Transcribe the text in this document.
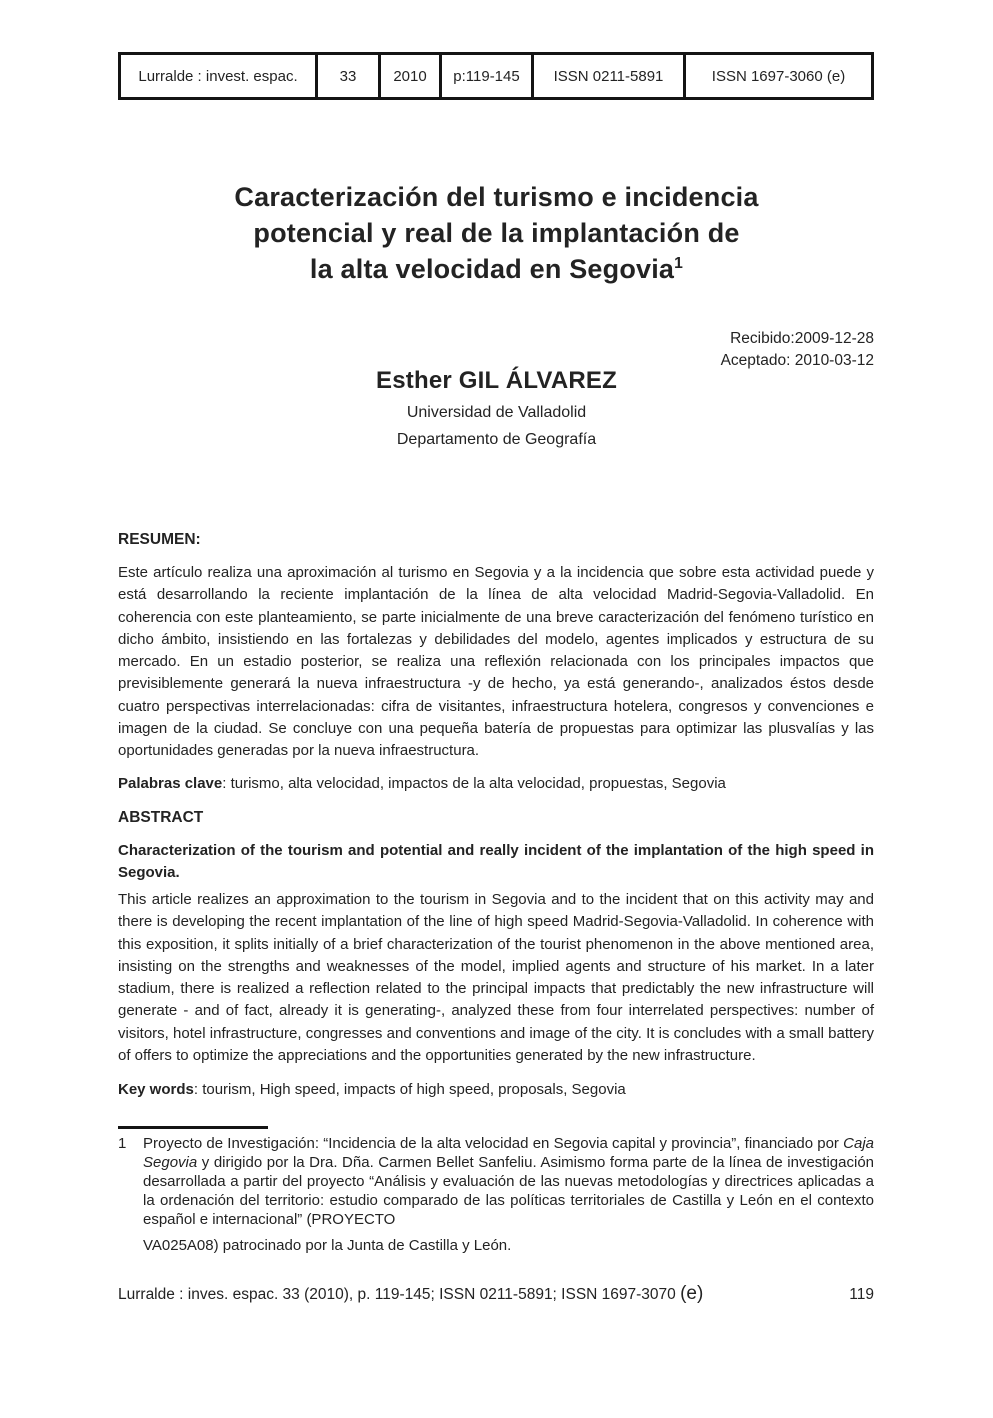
Lurralde : invest. espac.	33	2010	p:119-145	ISSN 0211-5891	ISSN 1697-3060 (e)
Caracterización del turismo e incidencia
potencial y real de la implantación de
la alta velocidad en Segovia$^1$
Recibido:2009-12-28
Aceptado: 2010-03-12
Esther GIL ÁLVAREZ
Universidad de Valladolid
Departamento de Geografía
RESUMEN:
Este artículo realiza una aproximación al turismo en Segovia y a la incidencia que sobre esta actividad puede y está desarrollando la reciente implantación de la línea de alta velocidad Madrid-Segovia-Valladolid. En coherencia con este planteamiento, se parte inicialmente de una breve caracterización del fenómeno turístico en dicho ámbito, insistiendo en las fortalezas y debilidades del modelo, agentes implicados y estructura de su mercado. En un estadio posterior, se realiza una reflexión relacionada con los principales impactos que previsiblemente generará la nueva infraestructura -y de hecho, ya está generando-, analizados éstos desde cuatro perspectivas interrelacionadas: cifra de visitantes, infraestructura hotelera, congresos y convenciones e imagen de la ciudad. Se concluye con una pequeña batería de propuestas para optimizar las plusvalías y las oportunidades generadas por la nueva infraestructura.
Palabras clave: turismo, alta velocidad, impactos de la alta velocidad, propuestas, Segovia
ABSTRACT
Characterization of the tourism and potential and really incident of the implantation of the high speed in Segovia.
This article realizes an approximation to the tourism in Segovia and to the incident that on this activity may and there is developing the recent implantation of the line of high speed Madrid-Segovia-Valladolid. In coherence with this exposition, it splits initially of a brief characterization of the tourist phenomenon in the above mentioned area, insisting on the strengths and weaknesses of the model, implied agents and structure of his market. In a later stadium, there is realized a reflection related to the principal impacts that predictably the new infrastructure will generate - and of fact, already it is generating-, analyzed these from four interrelated perspectives: number of visitors, hotel infrastructure, congresses and conventions and image of the city. It is concludes with a small battery of offers to optimize the appreciations and the opportunities generated by the new infrastructure.
Key words: tourism, High speed, impacts of high speed, proposals, Segovia

1 Proyecto de Investigación: “Incidencia de la alta velocidad en Segovia capital y provincia”, financiado por Caja Segovia y dirigido por la Dra. Dña. Carmen Bellet Sanfeliu. Asimismo forma parte de la línea de investigación desarrollada a partir del proyecto “Análisis y evaluación de las nuevas metodologías y directrices aplicadas a la ordenación del territorio: estudio comparado de las políticas territoriales de Castilla y León en el contexto español e internacional” (PROYECTO

VA025A08) patrocinado por la Junta de Castilla y León.
Lurralde : inves. espac. 33 (2010), p. 119-145; ISSN 0211-5891; ISSN 1697-3070 (e)	119
